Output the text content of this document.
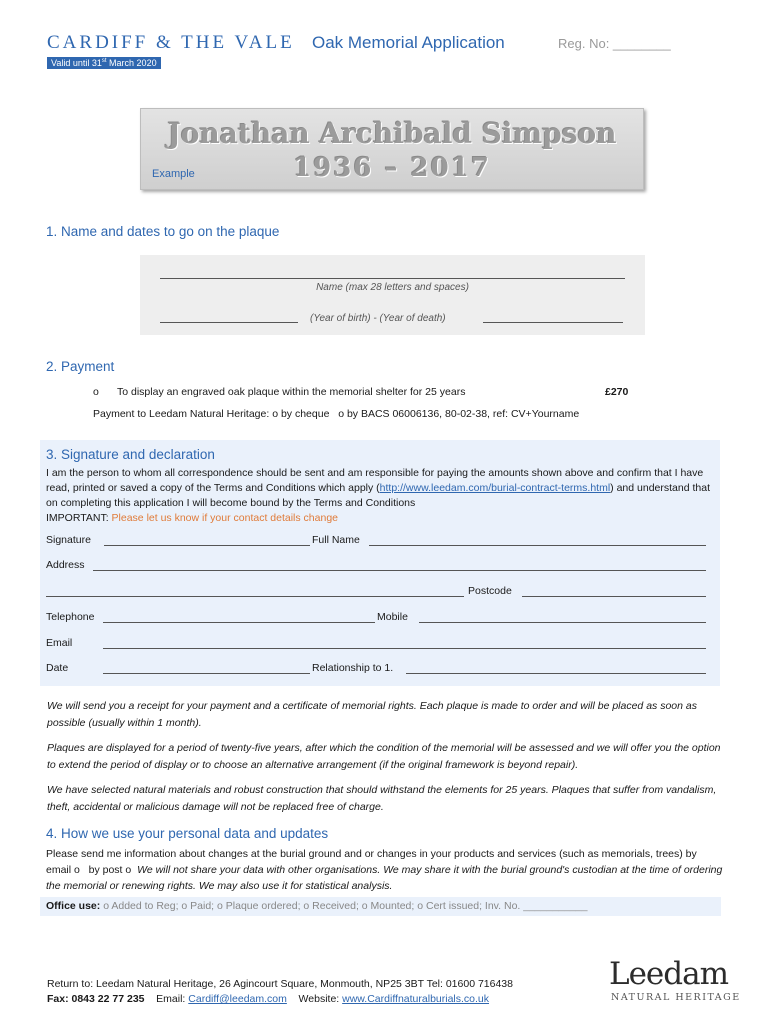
CARDIFF & THE VALE Oak Memorial Application	Reg. No: ________
Valid until 31st March 2020
Jonathan Archibald Simpson
1936 – 2017
Example
1. Name and dates to go on the plaque
Name (max 28 letters and spaces)
(Year of birth) - (Year of death)
2. Payment
o To display an engraved oak plaque within the memorial shelter for 25 years	£270
Payment to Leedam Natural Heritage: o by cheque o by BACS 06006136, 80-02-38, ref: CV+Yourname
3. Signature and declaration
I am the person to whom all correspondence should be sent and am responsible for paying the amounts shown above and confirm that I have read, printed or saved a copy of the Terms and Conditions which apply (http://www.leedam.com/burial-contract-terms.html) and understand that on completing this application I will become bound by the Terms and Conditions
IMPORTANT: Please let us know if your contact details change
Signature	Full Name
Address
Postcode
Telephone	Mobile
Email
Date	Relationship to 1.
We will send you a receipt for your payment and a certificate of memorial rights. Each plaque is made to order and will be placed as soon as possible (usually within 1 month).
Plaques are displayed for a period of twenty-five years, after which the condition of the memorial will be assessed and we will offer you the option to extend the period of display or to choose an alternative arrangement (if the original framework is beyond repair).
We have selected natural materials and robust construction that should withstand the elements for 25 years. Plaques that suffer from vandalism, theft, accidental or malicious damage will not be replaced free of charge.
4. How we use your personal data and updates
Please send me information about changes at the burial ground and or changes in your products and services (such as memorials, trees) by email o by post o We will not share your data with other organisations. We may share it with the burial ground's custodian at the time of ordering the memorial or renewing rights. We may also use it for statistical analysis.
Office use: o Added to Reg; o Paid; o Plaque ordered; o Received; o Mounted; o Cert issued; Inv. No. ___________
Return to: Leedam Natural Heritage, 26 Agincourt Square, Monmouth, NP25 3BT Tel: 01600 716438
Fax: 0843 22 77 235 Email: Cardiff@leedam.com Website: www.Cardiffnaturalburials.co.uk
Leedam
NATURAL HERITAGE
